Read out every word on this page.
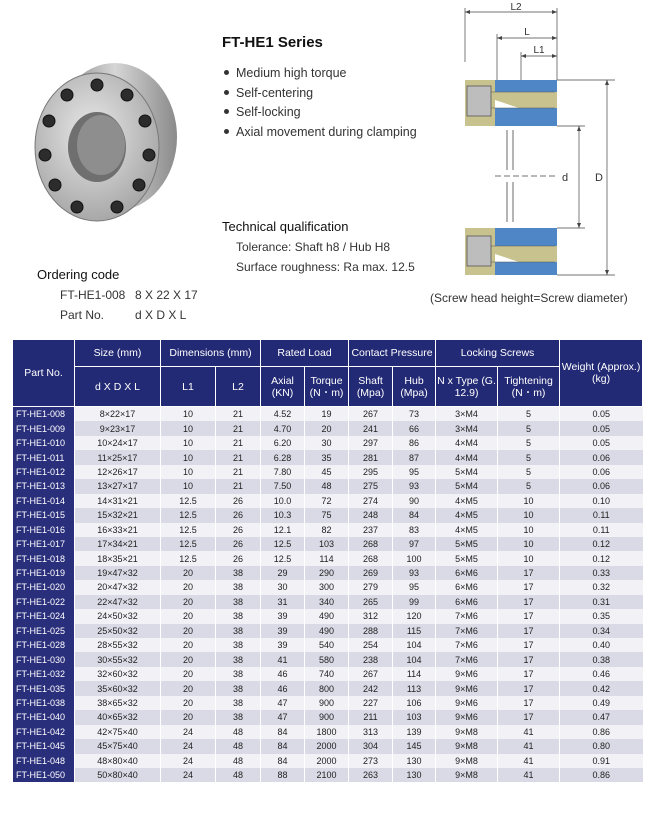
FT-HE1 Series
Medium high torque
Self-centering
Self-locking
Axial movement during clamping
Technical qualification
Tolerance: Shaft h8 / Hub H8
Surface roughness: Ra max. 12.5
Ordering code
FT-HE1-008 8 X 22 X 17
Part No.	d X D X L
L2
L
L1
d D
(Screw head height=Screw diameter)
Part No.	Size (mm)	Dimensions (mm)		Rated Load		Contact Pressure		Locking Screws		Weight (Approx.) (kg)
	d X D X L	L1	L2	Axial (KN)	Torque (N・m)	Shaft (Mpa)	Hub (Mpa)	N x Type (G. 12.9)	Tightening (N・m)	
FT-HE1-008	8×22×17	10	21	4.52	19	267	73	3×M4	5	0.05
FT-HE1-009	9×23×17	10	21	4.70	20	241	66	3×M4	5	0.05
FT-HE1-010	10×24×17	10	21	6.20	30	297	86	4×M4	5	0.05
FT-HE1-011	11×25×17	10	21	6.28	35	281	87	4×M4	5	0.06
FT-HE1-012	12×26×17	10	21	7.80	45	295	95	5×M4	5	0.06
FT-HE1-013	13×27×17	10	21	7.50	48	275	93	5×M4	5	0.06
FT-HE1-014	14×31×21	12.5	26	10.0	72	274	90	4×M5	10	0.10
FT-HE1-015	15×32×21	12.5	26	10.3	75	248	84	4×M5	10	0.11
FT-HE1-016	16×33×21	12.5	26	12.1	82	237	83	4×M5	10	0.11
FT-HE1-017	17×34×21	12.5	26	12.5	103	268	97	5×M5	10	0.12
FT-HE1-018	18×35×21	12.5	26	12.5	114	268	100	5×M5	10	0.12
FT-HE1-019	19×47×32	20	38	29	290	269	93	6×M6	17	0.33
FT-HE1-020	20×47×32	20	38	30	300	279	95	6×M6	17	0.32
FT-HE1-022	22×47×32	20	38	31	340	265	99	6×M6	17	0.31
FT-HE1-024	24×50×32	20	38	39	490	312	120	7×M6	17	0.35
FT-HE1-025	25×50×32	20	38	39	490	288	115	7×M6	17	0.34
FT-HE1-028	28×55×32	20	38	39	540	254	104	7×M6	17	0.40
FT-HE1-030	30×55×32	20	38	41	580	238	104	7×M6	17	0.38
FT-HE1-032	32×60×32	20	38	46	740	267	114	9×M6	17	0.46
FT-HE1-035	35×60×32	20	38	46	800	242	113	9×M6	17	0.42
FT-HE1-038	38×65×32	20	38	47	900	227	106	9×M6	17	0.49
FT-HE1-040	40×65×32	20	38	47	900	211	103	9×M6	17	0.47
FT-HE1-042	42×75×40	24	48	84	1800	313	139	9×M8	41	0.86
FT-HE1-045	45×75×40	24	48	84	2000	304	145	9×M8	41	0.80
FT-HE1-048	48×80×40	24	48	84	2000	273	130	9×M8	41	0.91
FT-HE1-050	50×80×40	24	48	88	2100	263	130	9×M8	41	0.86
